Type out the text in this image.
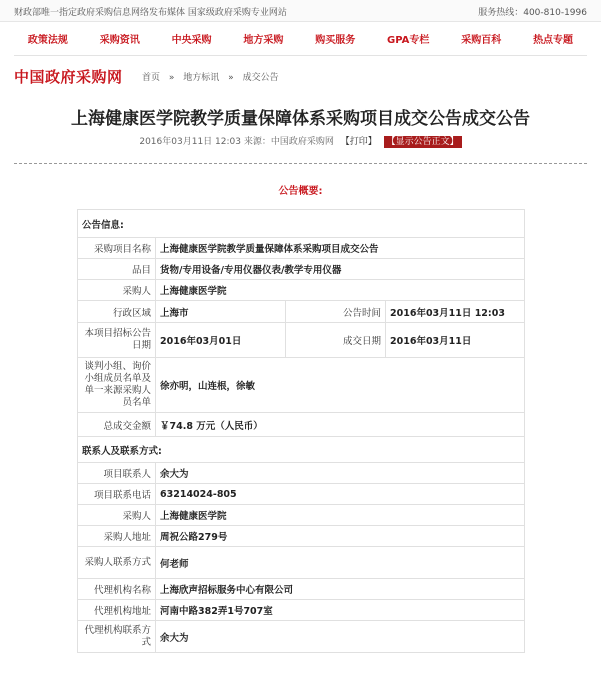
财政部唯一指定政府采购信息网络发布媒体 国家级政府采购专业网站	服务热线：400-810-1996
政策法规	采购资讯	中央采购	地方采购	购买服务	GPA专栏	采购百科	热点专题
中国政府采购网 首页 » 地方标讯 » 成交公告
上海健康医学院教学质量保障体系采购项目成交公告成交公告
2016年03月11日 12:03 来源：中国政府采购网 【打印】 【显示公告正文】
公告概要:
公告信息:			
采购项目名称	上海健康医学院教学质量保障体系采购项目成交公告		
品目	货物/专用设备/专用仪器仪表/教学专用仪器		
采购人	上海健康医学院		
行政区域	上海市	公告时间	2016年03月11日 12:03
本项目招标公告日期	2016年03月01日	成交日期	2016年03月11日
谈判小组、询价小组成员名单及单一来源采购人员名单	徐亦明，山连根，徐敏		
总成交金额	￥74.8 万元（人民币）		
联系人及联系方式:			
项目联系人	余大为		
项目联系电话	63214024-805		
采购人	上海健康医学院		
采购人地址	周祝公路279号		
采购人联系方式	何老师		
代理机构名称	上海欣声招标服务中心有限公司		
代理机构地址	河南中路382弄1号707室		
代理机构联系方式	余大为		
